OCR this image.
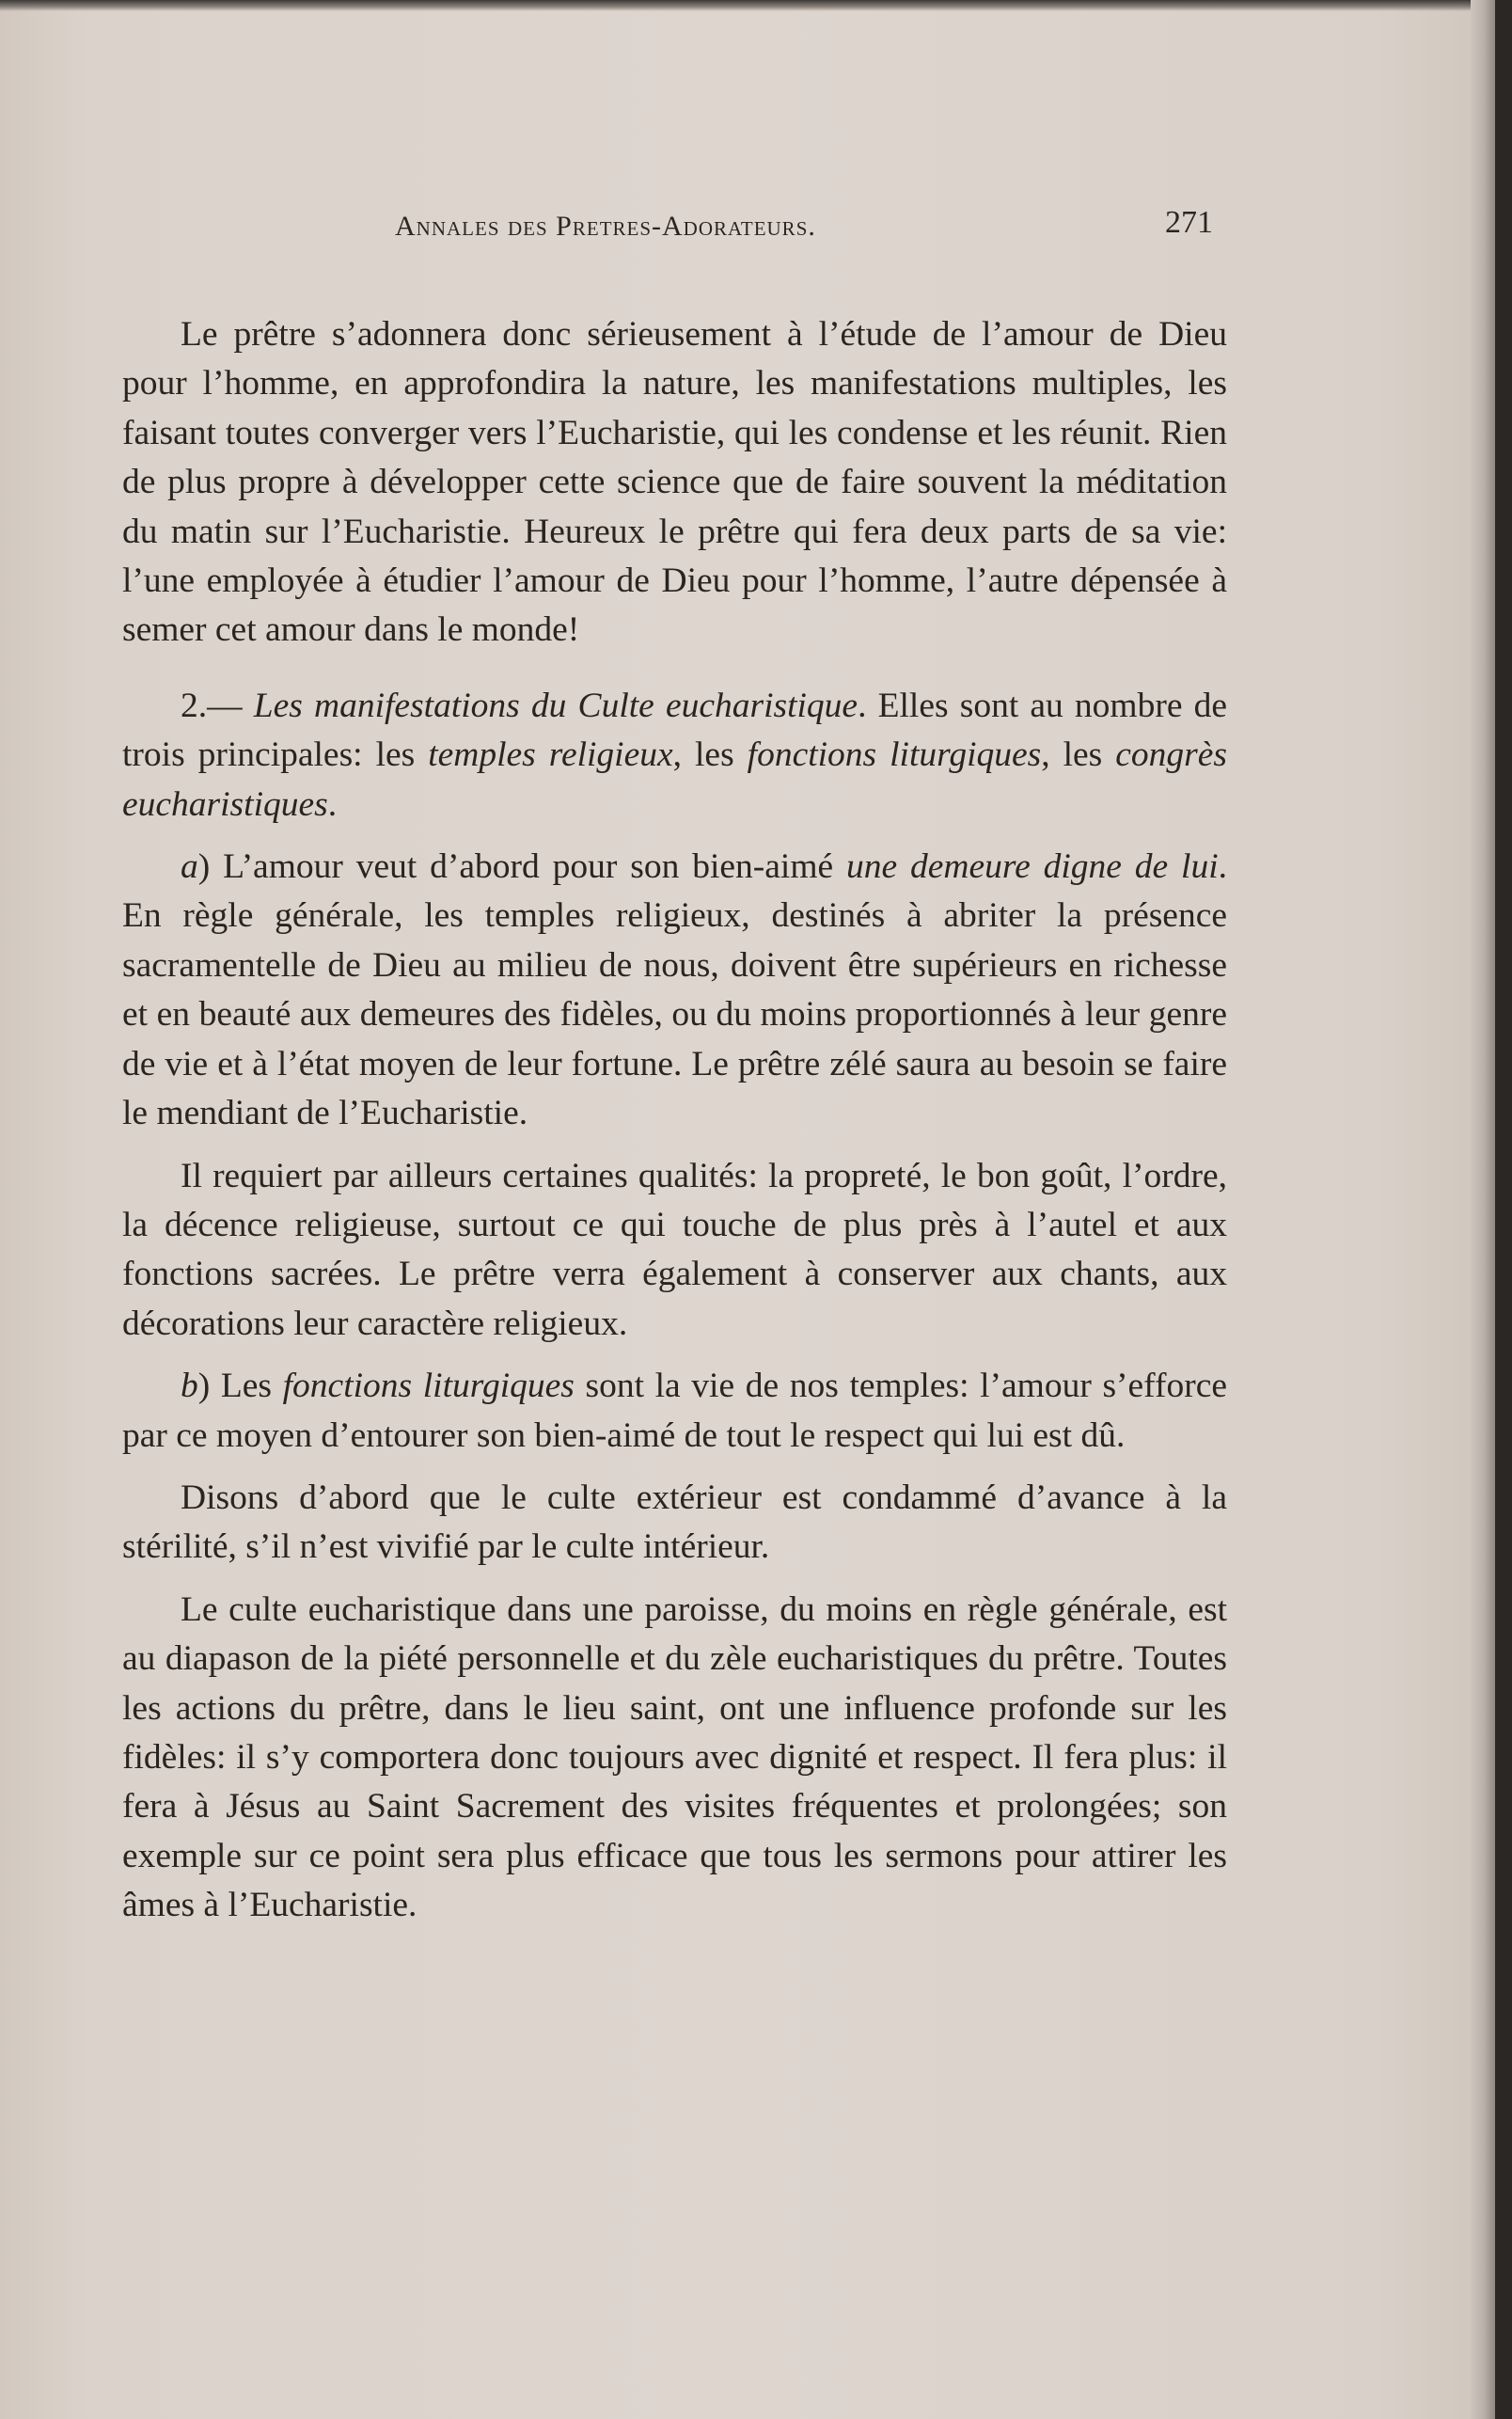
Annales des Pretres-Adorateurs.	271

Le prêtre s’adonnera donc sérieusement à l’étude de l’amour de Dieu pour l’homme, en approfondira la nature, les manifestations multiples, les faisant toutes converger vers l’Eucharistie, qui les condense et les réunit. Rien de plus propre à développer cette science que de faire souvent la méditation du matin sur l’Eucharistie. Heureux le prêtre qui fera deux parts de sa vie: l’une employée à étudier l’amour de Dieu pour l’homme, l’autre dépensée à semer cet amour dans le monde!

2.— Les manifestations du Culte eucharistique. Elles sont au nombre de trois principales: les temples religieux, les fonctions liturgiques, les congrès eucharistiques.

a) L’amour veut d’abord pour son bien-aimé une demeure digne de lui. En règle générale, les temples religieux, destinés à abriter la présence sacramentelle de Dieu au milieu de nous, doivent être supérieurs en richesse et en beauté aux demeures des fidèles, ou du moins proportionnés à leur genre de vie et à l’état moyen de leur fortune. Le prêtre zélé saura au besoin se faire le mendiant de l’Eucharistie.

Il requiert par ailleurs certaines qualités: la propreté, le bon goût, l’ordre, la décence religieuse, surtout ce qui touche de plus près à l’autel et aux fonctions sacrées. Le prêtre verra également à conserver aux chants, aux décorations leur caractère religieux.

b) Les fonctions liturgiques sont la vie de nos temples: l’amour s’efforce par ce moyen d’entourer son bien-aimé de tout le respect qui lui est dû.

Disons d’abord que le culte extérieur est condammé d’avance à la stérilité, s’il n’est vivifié par le culte intérieur.

Le culte eucharistique dans une paroisse, du moins en règle générale, est au diapason de la piété personnelle et du zèle eucharistiques du prêtre. Toutes les actions du prêtre, dans le lieu saint, ont une influence profonde sur les fidèles: il s’y comportera donc toujours avec dignité et respect. Il fera plus: il fera à Jésus au Saint Sacrement des visites fréquentes et prolongées; son exemple sur ce point sera plus efficace que tous les sermons pour attirer les âmes à l’Eucharistie.
